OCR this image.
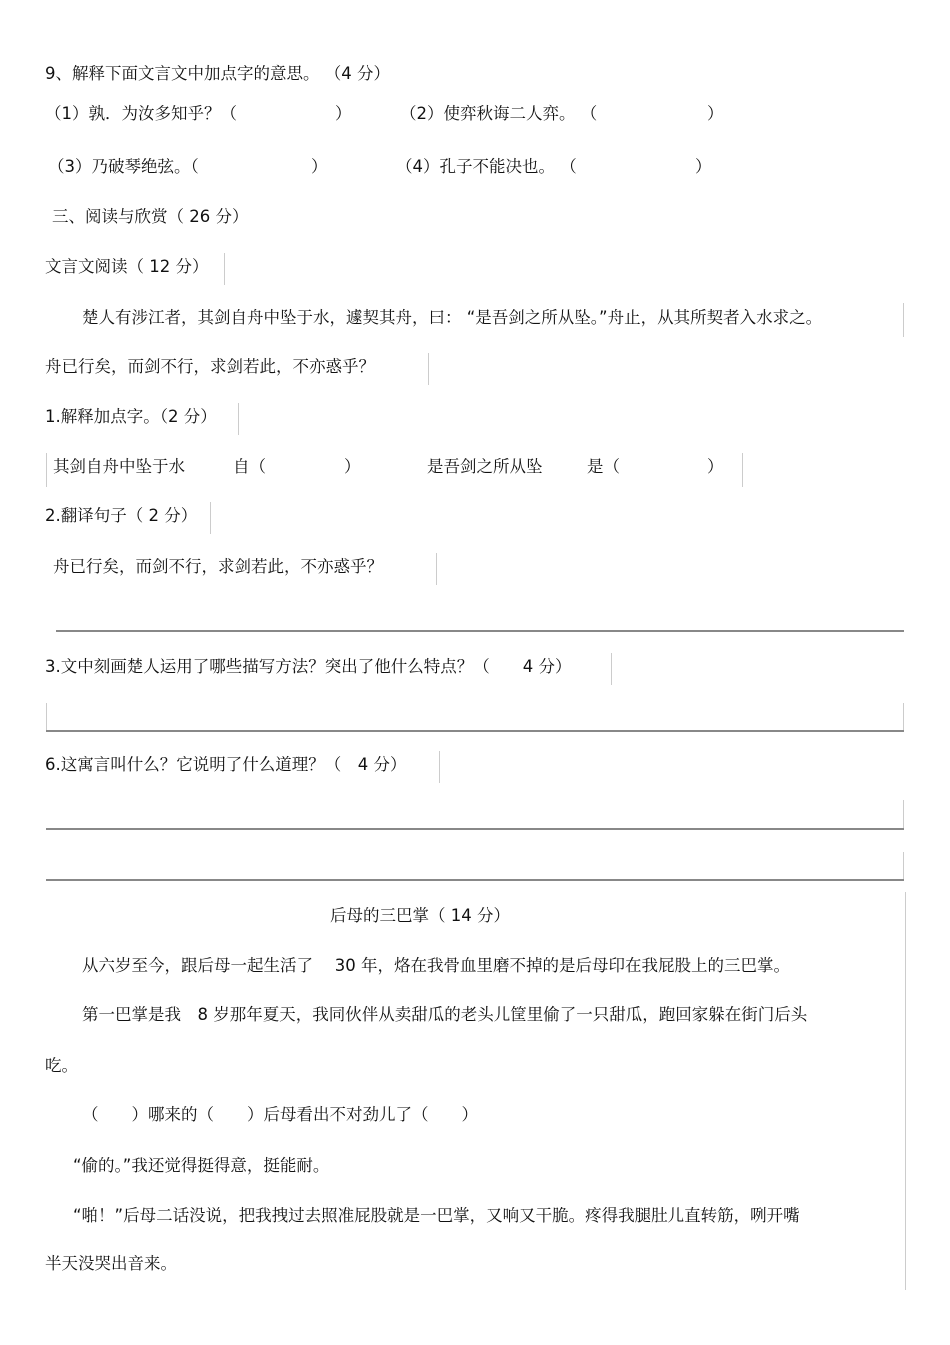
9、解释下面文言文中加点字的意思。 （4 分）
（1）孰．为汝多知乎？（	）	（2）使弈秋诲二人弈。 （	）
（3）乃破琴绝弦。（	）	（4）孔子不能决也。 （	）
三、阅读与欣赏（ 26 分）
文言文阅读（ 12 分）
楚人有涉江者，其剑自舟中坠于水，遽契其舟，曰： “是吾剑之所从坠。”舟止，从其所契者入水求之。
舟已行矣，而剑不行，求剑若此，不亦惑乎？
1.解释加点字。（2 分）
其剑自舟中坠于水	自（	）	是吾剑之所从坠	是（	）
2.翻译句子（ 2 分）
舟已行矣，而剑不行，求剑若此，不亦惑乎？
3.文中刻画楚人运用了哪些描写方法？突出了他什么特点？（　　4 分）
6.这寓言叫什么？它说明了什么道理？（　4 分）
后母的三巴掌（ 14 分）
从六岁至今，跟后母一起生活了　 30 年，烙在我骨血里磨不掉的是后母印在我屁股上的三巴掌。
第一巴掌是我　8 岁那年夏天，我同伙伴从卖甜瓜的老头儿筐里偷了一只甜瓜，跑回家躲在街门后头
吃。
（　　）哪来的（　　）后母看出不对劲儿了（　　）
“偷的。”我还觉得挺得意，挺能耐。
“啪！”后母二话没说，把我拽过去照准屁股就是一巴掌，又响又干脆。疼得我腿肚儿直转筋，咧开嘴
半天没哭出音来。
